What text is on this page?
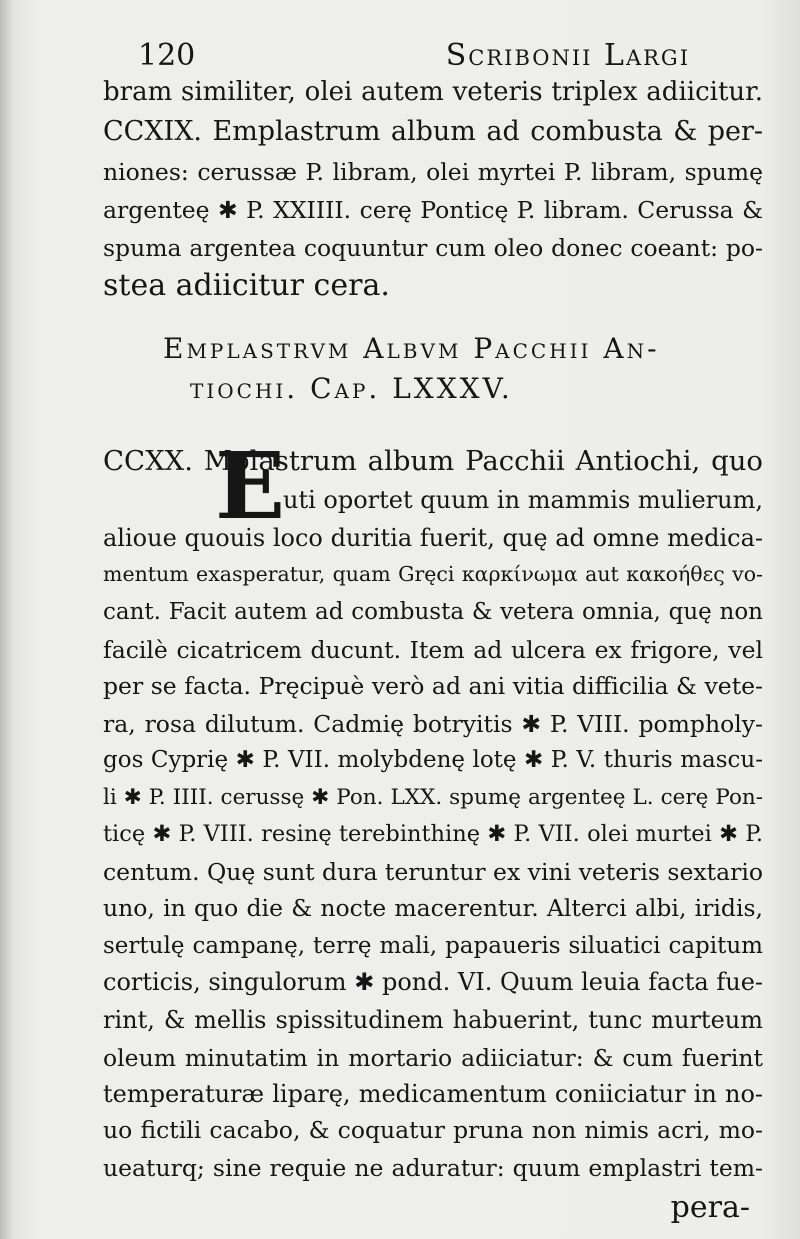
120	Scribonii Largi
bram similiter, olei autem veteris triplex adiicitur.
CCXIX. Emplastrum album ad combusta & per-
niones: cerussæ P. libram, olei myrtei P. libram, spumę
argenteę ✱ P. XXIIII. cerę Ponticę P. libram. Cerussa &
spuma argentea coquuntur cum oleo donec coeant: po-
stea adiicitur cera.
Emplastrvm Albvm Pacchii An-
tiochi. Cap. LXXXV.
E
CCXX. Mplastrum album Pacchii Antiochi, quo
uti oportet quum in mammis mulierum,
alioue quouis loco duritia fuerit, quę ad omne medica-
mentum exasperatur, quam Gręci καρκίνωμα aut κακοήθες vo-
cant. Facit autem ad combusta & vetera omnia, quę non
facilè cicatricem ducunt. Item ad ulcera ex frigore, vel
per se facta. Pręcipuè verò ad ani vitia difficilia & vete-
ra, rosa dilutum. Cadmię botryitis ✱ P. VIII. pompholy-
gos Cyprię ✱ P. VII. molybdenę lotę ✱ P. V. thuris mascu-
li ✱ P. IIII. cerussę ✱ Pon. LXX. spumę argenteę L. cerę Pon-
ticę ✱ P. VIII. resinę terebinthinę ✱ P. VII. olei murtei ✱ P.
centum. Quę sunt dura teruntur ex vini veteris sextario
uno, in quo die & nocte macerentur. Alterci albi, iridis,
sertulę campanę, terrę mali, papaueris siluatici capitum
corticis, singulorum ✱ pond. VI. Quum leuia facta fue-
rint, & mellis spissitudinem habuerint, tunc murteum
oleum minutatim in mortario adiiciatur: & cum fuerint
temperaturæ liparę, medicamentum coniiciatur in no-
uo fictili cacabo, & coquatur pruna non nimis acri, mo-
ueaturq; sine requie ne aduratur: quum emplastri tem-
pera-
